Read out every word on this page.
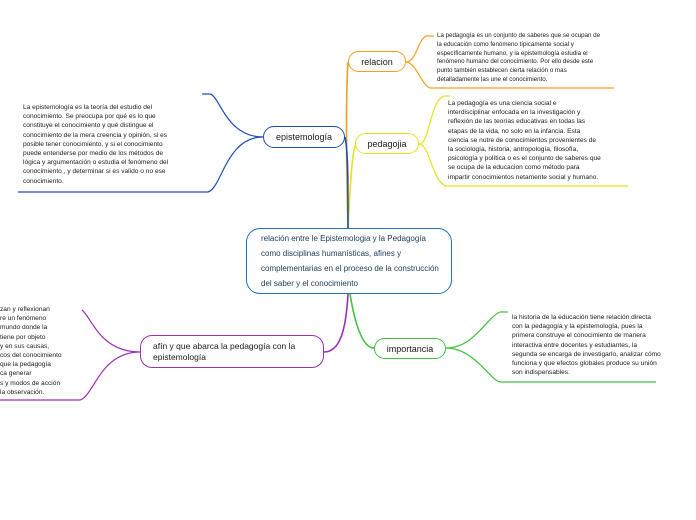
relación entre le Epistemologia y la Pedagogía
como disciplinas humanísticas, afines y
complementarias en el proceso de la construcción
del saber y el conocimiento
relacion
pedagojia
epistemología
importancia
afín y que abarca la pedagogía con la
epistemología

La pedagogía es un conjunto de saberes que se ocupan de
la educación como fenómeno típicamente social y
específicamente humano, y la epistemología estudia el
fenómeno humano del conocimiento. Por ello desde este
punto también establecen cierta relación o mas
detalladamente las une el conocimiento.

La pedagogía es una ciencia social e
interdisciplinar enfocada en la investigación y
reflexión de las teorías educativas en todas las
etapas de la vida, no solo en la infancia. Esta
ciencia se nutre de conocimientos provenientes de
la sociología, historia, antropología, filosofía,
psicología y política o es el conjunto de saberes que
se ocupa de la educacion como método para
impartir conocimientos netamente social y humano.

La epistemología es la teoría del estudio del
conocimiento. Se preocupa por qué es lo que
constituye el conocimiento y qué distingue el
conocimiento de la mera creencia y opinión, si es
posible tener conocimiento, y si el conocimiento
puede entenderse por medio de los métodos de
lógica y argumentación o estudia el fenómeno del
conocimiento , y determinar si es valido o no ese
conocimiento.

la historia de la educación tiene relación directa
con la pedagogía y la epistemología, pues la
primera construye el conocimiento de manera
interactiva entre docentes y estudiantes, la
segunda se encarga de investigarlo, analizar cómo
funciona y que efectos globales produce su unión
son indispensables.

zan y reflexionan
re un fenómeno
mundo donde la
tiene por objeto
y en sus causas,
cos del conocimiento
que la pedagogía
ca generar
s y modos de acción
la observación.
